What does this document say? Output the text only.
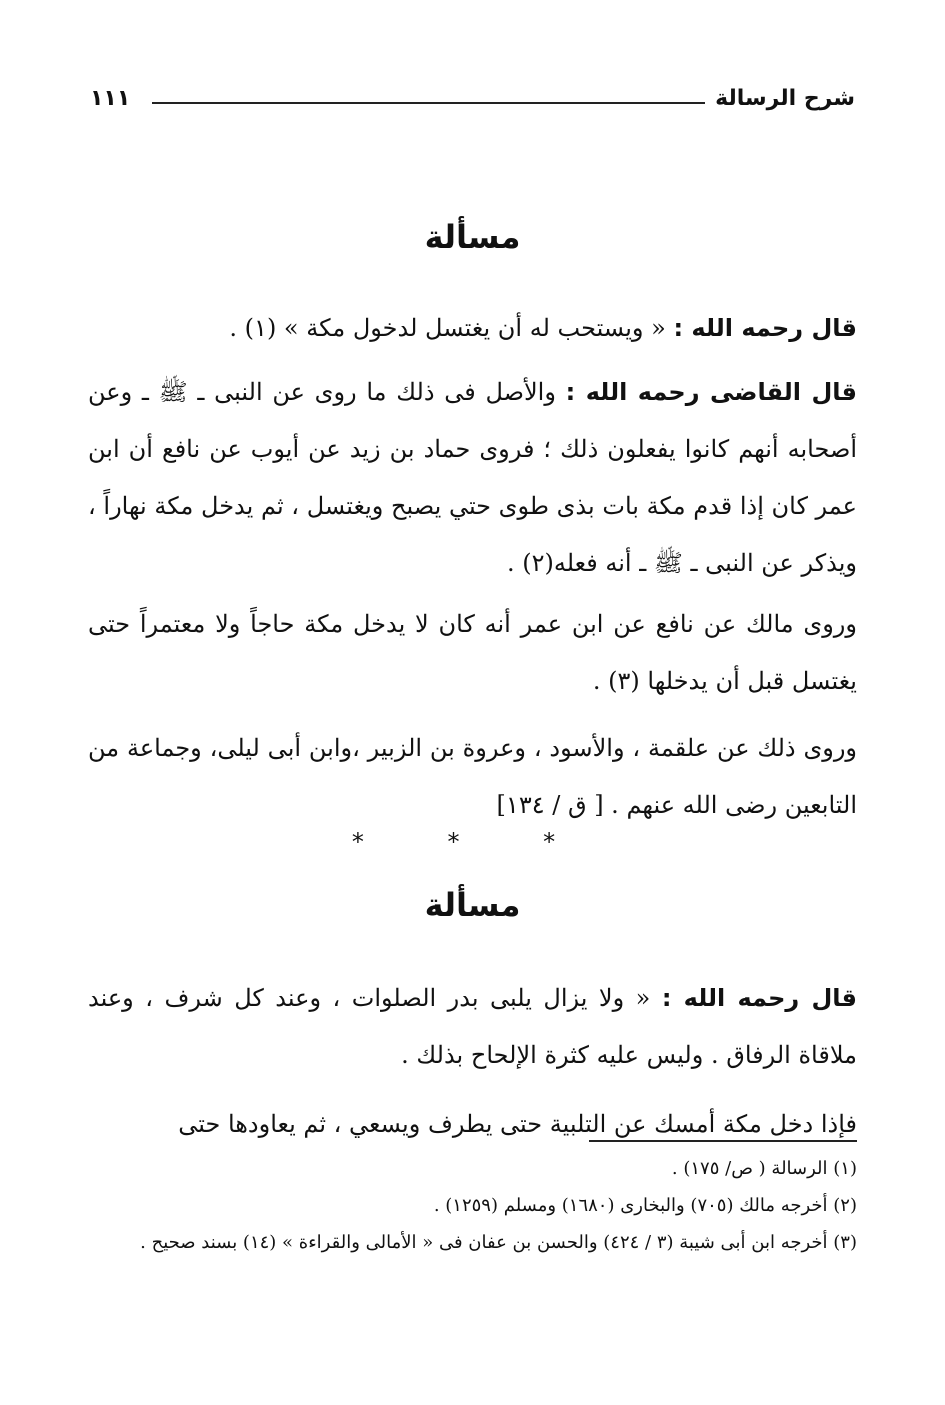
شرح الرسالة
١١١
مسألة

قال رحمه الله : « ويستحب له أن يغتسل لدخول مكة » (١) .

قال القاضى رحمه الله : والأصل فى ذلك ما روى عن النبى ـ ﷺ ـ وعن أصحابه أنهم كانوا يفعلون ذلك ؛ فروى حماد بن زيد عن أيوب عن نافع أن ابن عمر كان إذا قدم مكة بات بذى طوى حتي يصبح ويغتسل ، ثم يدخل مكة نهاراً ، ويذكر عن النبى ـ ﷺ ـ أنه فعله(٢) .

وروى مالك عن نافع عن ابن عمر أنه كان لا يدخل مكة حاجاً ولا معتمراً حتى يغتسل قبل أن يدخلها (٣) .

وروى ذلك عن علقمة ، والأسود ، وعروة بن الزبير ،وابن أبى ليلى، وجماعة من التابعين رضى الله عنهم . [ ق / ١٣٤]

* * *
مسألة

قال رحمه الله : « ولا يزال يلبى بدر الصلوات ، وعند كل شرف ، وعند ملاقاة الرفاق . وليس عليه كثرة الإلحاح بذلك .

فإذا دخل مكة أمسك عن التلبية حتى يطرف ويسعي ، ثم يعاودها حتى

(١) الرسالة ( ص/ ١٧٥) .

(٢) أخرجه مالك (٧٠٥) والبخارى (١٦٨٠) ومسلم (١٢٥٩) .

(٣) أخرجه ابن أبى شيبة (٣ / ٤٢٤) والحسن بن عفان فى « الأمالى والقراءة » (١٤) بسند صحيح .
